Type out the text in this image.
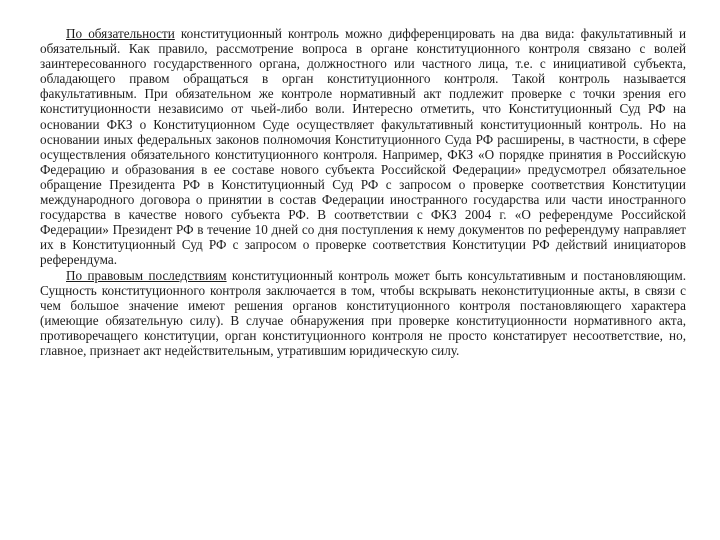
По обязательности конституционный контроль можно дифференцировать на два вида: факультативный и обязательный. Как правило, рассмотрение вопроса в органе конституционного контроля связано с волей заинтересованного государственного органа, должностного или частного лица, т.е. с инициативой субъекта, обладающего правом обращаться в орган конституционного контроля. Такой контроль называется факультативным. При обязательном же контроле нормативный акт подлежит проверке с точки зрения его конституционности независимо от чьей-либо воли. Интересно отметить, что Конституционный Суд РФ на основании ФКЗ о Конституционном Суде осуществляет факультативный конституционный контроль. Но на основании иных федеральных законов полномочия Конституционного Суда РФ расширены, в частности, в сфере осуществления обязательного конституционного контроля. Например, ФКЗ «О порядке принятия в Российскую Федерацию и образования в ее составе нового субъекта Российской Федерации» предусмотрел обязательное обращение Президента РФ в Конституционный Суд РФ с запросом о проверке соответствия Конституции международного договора о принятии в состав Федерации иностранного государства или части иностранного государства в качестве нового субъекта РФ. В соответствии с ФКЗ 2004 г. «О референдуме Российской Федерации» Президент РФ в течение 10 дней со дня поступления к нему документов по референдуму направляет их в Конституционный Суд РФ с запросом о проверке соответствия Конституции РФ действий инициаторов референдума.

По правовым последствиям конституционный контроль может быть консультативным и постановляющим. Сущность конституционного контроля заключается в том, чтобы вскрывать неконституционные акты, в связи с чем большое значение имеют решения органов конституционного контроля постановляющего характера (имеющие обязательную силу). В случае обнаружения при проверке конституционности нормативного акта, противоречащего конституции, орган конституционного контроля не просто констатирует несоответствие, но, главное, признает акт недействительным, утратившим юридическую силу.
